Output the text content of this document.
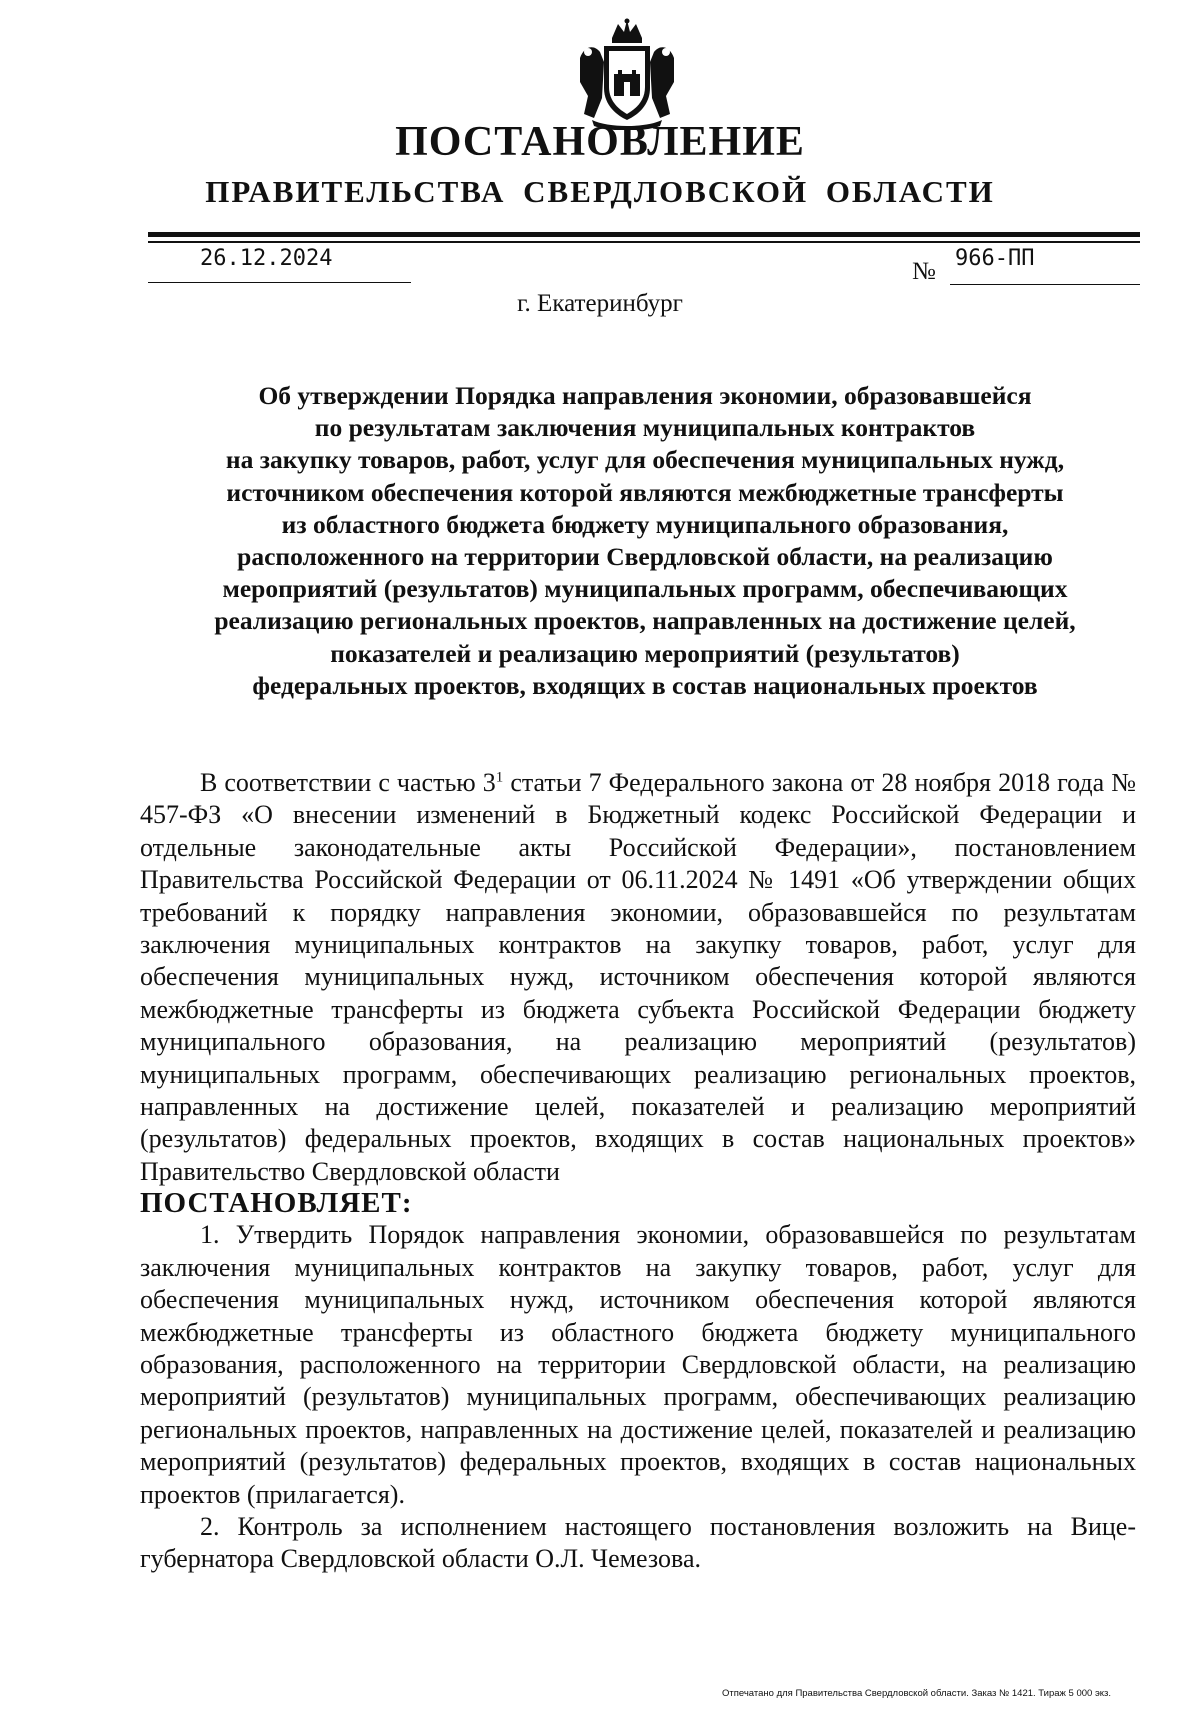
ПОСТАНОВЛЕНИЕ
ПРАВИТЕЛЬСТВА СВЕРДЛОВСКОЙ ОБЛАСТИ
26.12.2024	№ 966-ПП
г. Екатеринбург
Об утверждении Порядка направления экономии, образовавшейся
по результатам заключения муниципальных контрактов
на закупку товаров, работ, услуг для обеспечения муниципальных нужд,
источником обеспечения которой являются межбюджетные трансферты
из областного бюджета бюджету муниципального образования,
расположенного на территории Свердловской области, на реализацию
мероприятий (результатов) муниципальных программ, обеспечивающих
реализацию региональных проектов, направленных на достижение целей,
показателей и реализацию мероприятий (результатов)
федеральных проектов, входящих в состав национальных проектов

В соответствии с частью $3^1$ статьи 7 Федерального закона от 28 ноября 2018 года № 457-ФЗ «О внесении изменений в Бюджетный кодекс Российской Федерации и отдельные законодательные акты Российской Федерации», постановлением Правительства Российской Федерации от 06.11.2024 № 1491 «Об утверждении общих требований к порядку направления экономии, образовавшейся по результатам заключения муниципальных контрактов на закупку товаров, работ, услуг для обеспечения муниципальных нужд, источником обеспечения которой являются межбюджетные трансферты из бюджета субъекта Российской Федерации бюджету муниципального образования, на реализацию мероприятий (результатов) муниципальных программ, обеспечивающих реализацию региональных проектов, направленных на достижение целей, показателей и реализацию мероприятий (результатов) федеральных проектов, входящих в состав национальных проектов» Правительство Свердловской области

ПОСТАНОВЛЯЕТ:

1. Утвердить Порядок направления экономии, образовавшейся по результатам заключения муниципальных контрактов на закупку товаров, работ, услуг для обеспечения муниципальных нужд, источником обеспечения которой являются межбюджетные трансферты из областного бюджета бюджету муниципального образования, расположенного на территории Свердловской области, на реализацию мероприятий (результатов) муниципальных программ, обеспечивающих реализацию региональных проектов, направленных на достижение целей, показателей и реализацию мероприятий (результатов) федеральных проектов, входящих в состав национальных проектов (прилагается).

2. Контроль за исполнением настоящего постановления возложить на Вице-губернатора Свердловской области О.Л. Чемезова.

Отпечатано для Правительства Свердловской области. Заказ № 1421. Тираж 5 000 экз.
